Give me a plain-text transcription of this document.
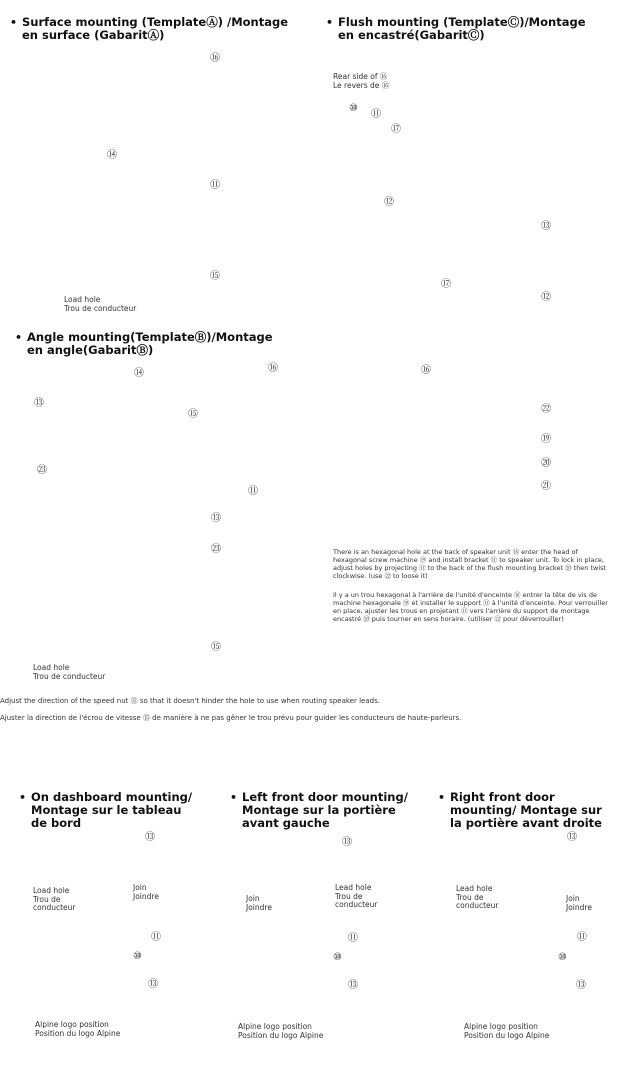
• Surface mounting (TemplateⒶ) /Montage en surface (GabaritⒶ)
⑯
⑭
⑪
⑮
Load hole
Trou de conducteur
• Flush mounting (TemplateⒸ)/Montage en encastré(GabaritⒸ)
Rear side of ⑯
Le revers de ⑯
⑩
⑪
⑰
⑫
⑬
⑰
⑫
• Angle mounting(TemplateⒷ)/Montage en angle(GabaritⒷ)
⑭	⑯
⑬
⑮
㉓
⑪
⑬
㉓
⑮
Load hole
Trou de conducteur
⑯
㉒
⑲
⑳
㉑
There is an hexagonal hole at the back of speaker unit ⑯ enter the head of hexagonal screw machine ⑲ and install bracket ⑪ to speaker unit. To lock in place, adjust holes by projecting ⑪ to the back of the flush mounting bracket ⑳ then twist clockwise. (use ㉒ to loose it)
Il y a un trou hexagonal à l'arrière de l'unité d'enceinte ⑯ entrer la tête de vis de machine hexagonale ⑲ et installer le support ⑪ à l'unité d'enceinte. Pour verrouiller en place, ajuster les trous en projetant ⑪ vers l'arrière du support de montage encastré ⑳ puis tourner en sens horaire. (utiliser ㉒ pour déverrouiller)
Adjust the direction of the speed nut ⑮ so that it doesn't hinder the hole to use when routing speaker leads.
Ajuster la direction de l'écrou de vitesse ⑮ de manière à ne pas gêner le trou prévu pour guider les conducteurs de haute-parleurs.
• On dashboard mounting/ Montage sur le tableau de bord
⑬
Load hole
Trou de
conducteur
Join
Joindre
⑪
⑩
⑬
Alpine logo position
Position du logo Alpine
• Left front door mounting/ Montage sur la portière avant gauche
⑬
Join
Joindre
Lead hole
Trou de
conducteur
⑪
⑩
⑬
Alpine logo position
Position du logo Alpine
• Right front door mounting/ Montage sur la portière avant droite
⑬
Lead hole
Trou de
conducteur
Join
Joindre
⑪
⑩
⑬
Alpine logo position
Position du logo Alpine
